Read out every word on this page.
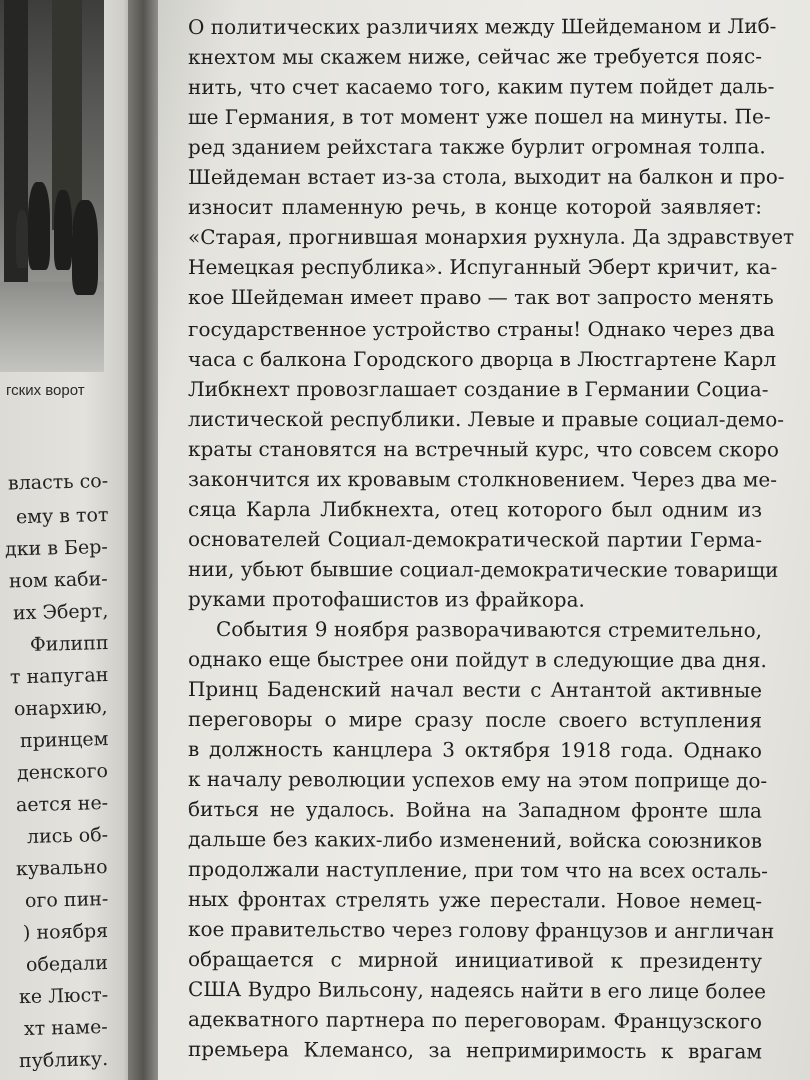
гских ворот
власть со-
ему в тот
дки в Бер-
ном каби-
их Эберт,
Филипп
т напуган
онархию,
принцем
денского
ается не-
лись об-
кувально
ого пин-
) ноября
обедали
ке Люст-
хт наме-
публику.
О политических различиях между Шейдеманом и Либ-
кнехтом мы скажем ниже, сейчас же требуется пояс-
нить, что счет касаемо того, каким путем пойдет даль-
ше Германия, в тот момент уже пошел на минуты. Пе-
ред зданием рейхстага также бурлит огромная толпа.
Шейдеман встает из-за стола, выходит на балкон и про-
износит пламенную речь, в конце которой заявляет:
«Старая, прогнившая монархия рухнула. Да здравствует
Немецкая республика». Испуганный Эберт кричит, ка-
кое Шейдеман имеет право — так вот запросто менять
государственное устройство страны! Однако через два
часа с балкона Городского дворца в Люстгартене Карл
Либкнехт провозглашает создание в Германии Социа-
листической республики. Левые и правые социал-демо-
краты становятся на встречный курс, что совсем скоро
закончится их кровавым столкновением. Через два ме-
сяца Карла Либкнехта, отец которого был одним из
основателей Социал-демократической партии Герма-
нии, убьют бывшие социал-демократические товарищи
руками протофашистов из фрайкора.
События 9 ноября разворачиваются стремительно,
однако еще быстрее они пойдут в следующие два дня.
Принц Баденский начал вести с Антантой активные
переговоры о мире сразу после своего вступления
в должность канцлера 3 октября 1918 года. Однако
к началу революции успехов ему на этом поприще до-
биться не удалось. Война на Западном фронте шла
дальше без каких-либо изменений, войска союзников
продолжали наступление, при том что на всех осталь-
ных фронтах стрелять уже перестали. Новое немец-
кое правительство через голову французов и англичан
обращается с мирной инициативой к президенту
США Вудро Вильсону, надеясь найти в его лице более
адекватного партнера по переговорам. Французского
премьера Клемансо, за непримиримость к врагам
